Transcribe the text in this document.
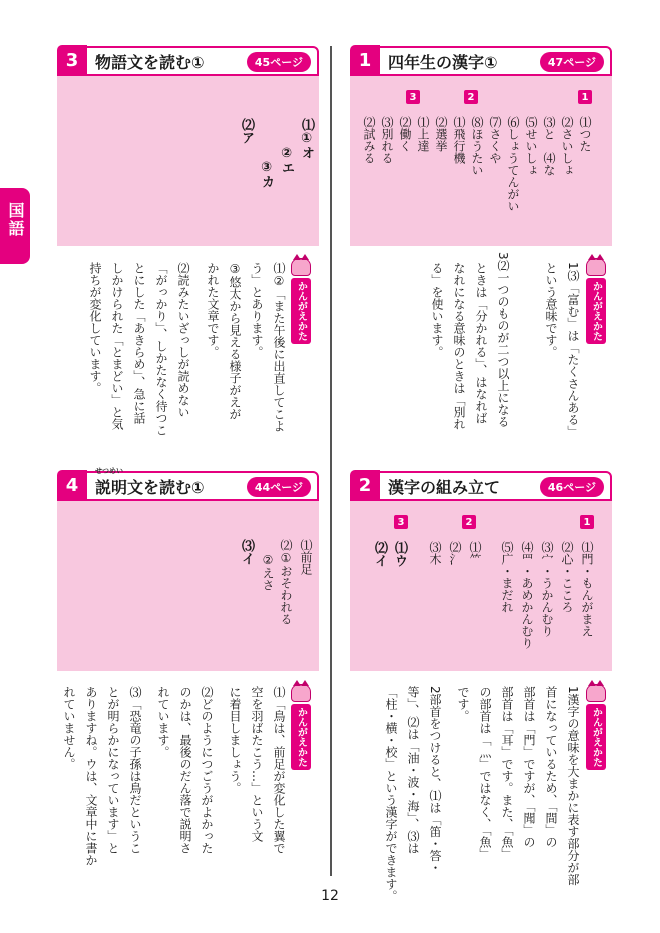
国語
3	物語文を読む①	45ページ
⑴①オ
②エ
③カ
⑵ア
かんがえかた
⑴②「また午後に出直してこよ
う」とあります。
③悠太から見える様子がえが
かれた文章です。
⑵読みたいざっしが読めない
「がっかり」、しかたなく待つこ
とにした「あきらめ」、急に話
しかけられた「とまどい」と気
持ちが変化しています。
1	四年生の漢字①	47ページ
1
2
3
⑴つた
⑵さいしょ
⑶と　⑷な
⑸せいしょ
⑹しょうてんがい
⑺さくや
⑻ほうたい
⑴飛行機
⑵選挙
⑴上達
⑵働く
⑶別れる
⑵試みる
かんがえかた
1⑶「富む」は「たくさんある」
という意味です。
3⑵一つのものが二つ以上になる
ときは「分かれる」、はなれば
なれになる意味のときは「別れ
る」を使います。
4
せつめい
説明文を読む①	44ページ
⑴前足
⑵①おそわれる
②えさ
⑶イ
かんがえかた
⑴「鳥は、前足が変化した翼で
空を羽ばたこう…」という文
に着目しましょう。
⑵どのようにつごうがよかった
のかは、最後のだん落で説明さ
れています。
⑶「恐竜の子孫は鳥だというこ
とが明らかになっています」と
ありますね。ウは、文章中に書か
れていません。
2	漢字の組み立て	46ページ
1
2
3
⑴門・もんがまえ
⑵心・こころ
⑶宀・うかんむり
⑷⺲・あめかんむり
⑸广・まだれ
⑴⺮
⑵氵
⑶木
⑴ウ
⑵イ
かんがえかた
1漢字の意味を大まかに表す部分が部
首になっているため、「間」の
部首は「門」ですが、「聞」の
部首は「耳」です。また、「魚」
の部首は「灬」ではなく、「魚」
です。
2部首をつけると、⑴は「笛・答・
等」、⑵は「油・波・海」、⑶は
「柱・横・校」という漢字ができます。
12
